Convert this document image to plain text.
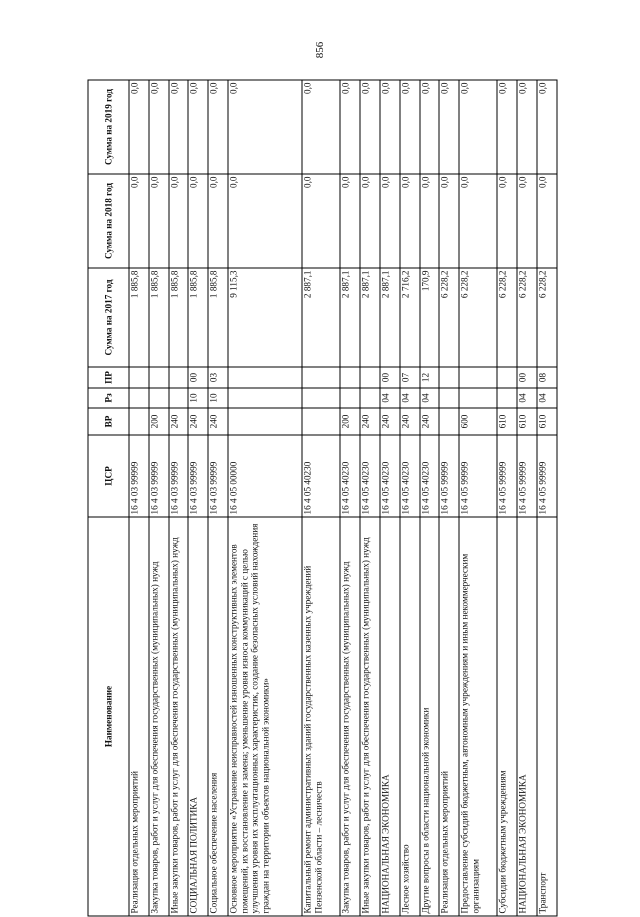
856
Наименование	ЦСР	ВР	Рз	ПР	Сумма на 2017 год	Сумма на 2018 год	Сумма на 2019 год
Реализация отдельных мероприятий	16 4 03 99999				1 885,8	0,0	0,0
Закупка товаров, работ и услуг для обеспечения государственных (муниципальных) нужд	16 4 03 99999	200			1 885,8	0,0	0,0
Иные закупки товаров, работ и услуг для обеспечения государственных (муниципальных) нужд	16 4 03 99999	240			1 885,8	0,0	0,0
СОЦИАЛЬНАЯ ПОЛИТИКА	16 4 03 99999	240	10	00	1 885,8	0,0	0,0
Социальное обеспечение населения	16 4 03 99999	240	10	03	1 885,8	0,0	0,0
Основное мероприятие «Устранение неисправностей изношенных конструктивных элементов помещений, их восстановление и замена; уменьшение уровня износа коммуникаций с целью улучшения уровня их эксплуатационных характеристик, создание безопасных условий нахождения граждан на территории объектов национальной экономики»	16 4 05 00000				9 115,3	0,0	0,0
Капитальный ремонт административных зданий государственных казенных учреждений Пензенской области – лесничеств	16 4 05 40230				2 887,1	0,0	0,0
Закупка товаров, работ и услуг для обеспечения государственных (муниципальных) нужд	16 4 05 40230	200			2 887,1	0,0	0,0
Иные закупки товаров, работ и услуг для обеспечения государственных (муниципальных) нужд	16 4 05 40230	240			2 887,1	0,0	0,0
НАЦИОНАЛЬНАЯ ЭКОНОМИКА	16 4 05 40230	240	04	00	2 887,1	0,0	0,0
Лесное хозяйство	16 4 05 40230	240	04	07	2 716,2	0,0	0,0
Другие вопросы в области национальной экономики	16 4 05 40230	240	04	12	170,9	0,0	0,0
Реализация отдельных мероприятий	16 4 05 99999				6 228,2	0,0	0,0
Предоставление субсидий бюджетным, автономным учреждениям и иным некоммерческим организациям	16 4 05 99999	600			6 228,2	0,0	0,0
Субсидии бюджетным учреждениям	16 4 05 99999	610			6 228,2	0,0	0,0
НАЦИОНАЛЬНАЯ ЭКОНОМИКА	16 4 05 99999	610	04	00	6 228,2	0,0	0,0
Транспорт	16 4 05 99999	610	04	08	6 228,2	0,0	0,0
